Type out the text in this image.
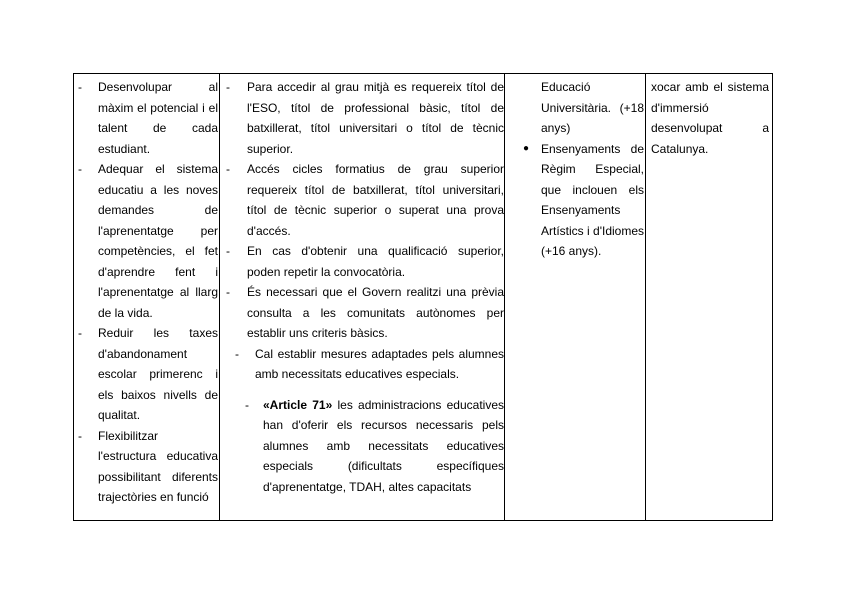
- Desenvolupar al màxim el potencial i el talent de cada estudiant.
- Adequar el sistema educatiu a les noves demandes de l'aprenentatge per competències, el fet d'aprendre fent i l'aprenentatge al llarg de la vida.
- Reduir les taxes d'abandonament escolar primerenc i els baixos nivells de qualitat.
- Flexibilitzar l'estructura educativa possibilitant diferents trajectòries en funció
- Para accedir al grau mitjà es requereix títol de l'ESO, títol de professional bàsic, títol de batxillerat, títol universitari o títol de tècnic superior.
- Accés cicles formatius de grau superior requereix títol de batxillerat, títol universitari, títol de tècnic superior o superat una prova d'accés.
- En cas d'obtenir una qualificació superior, poden repetir la convocatòria.
- És necessari que el Govern realitzi una prèvia consulta a les comunitats autònomes per establir uns criteris bàsics.
- Cal establir mesures adaptades pels alumnes amb necessitats educatives especials.
- «Article 71» les administracions educatives han d'oferir els recursos necessaris pels alumnes amb necessitats educatives especials (dificultats específiques d'aprenentatge, TDAH, altes capacitats
Educació Universitària. (+18 anys)
● Ensenyaments de Règim Especial, que inclouen els Ensenyaments Artístics i d'Idiomes (+16 anys).
xocar amb el sistema d'immersió desenvolupat a Catalunya.
